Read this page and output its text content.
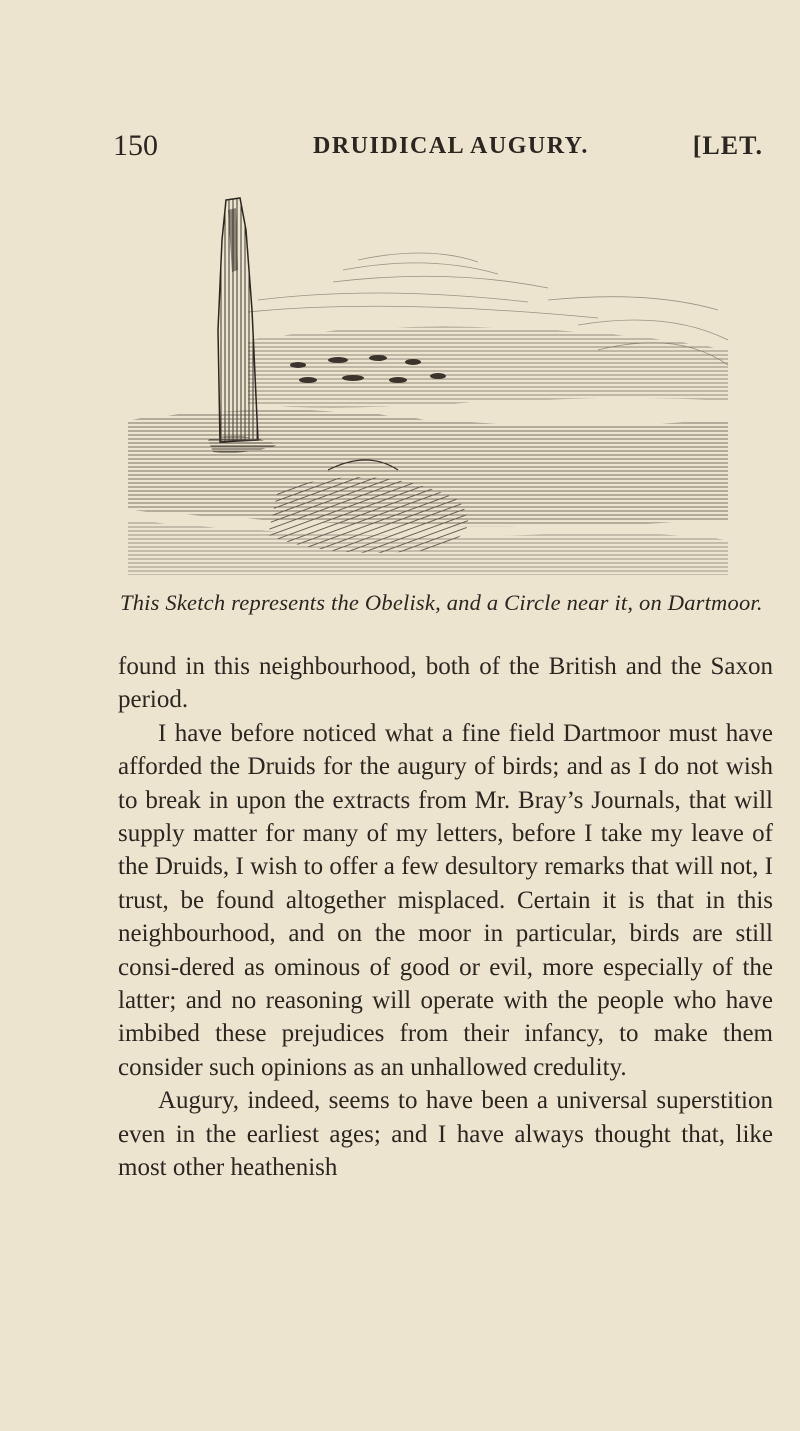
150	DRUIDICAL AUGURY.	[LET.
This Sketch represents the Obelisk, and a Circle near it, on Dartmoor.

found in this neighbourhood, both of the British and the Saxon period.

I have before noticed what a fine field Dartmoor must have afforded the Druids for the augury of birds; and as I do not wish to break in upon the extracts from Mr. Bray’s Journals, that will supply matter for many of my letters, before I take my leave of the Druids, I wish to offer a few desultory remarks that will not, I trust, be found altogether misplaced. Certain it is that in this neighbourhood, and on the moor in particular, birds are still consi-dered as ominous of good or evil, more especially of the latter; and no reasoning will operate with the people who have imbibed these prejudices from their infancy, to make them consider such opinions as an unhallowed credulity.

Augury, indeed, seems to have been a universal superstition even in the earliest ages; and I have always thought that, like most other heathenish
